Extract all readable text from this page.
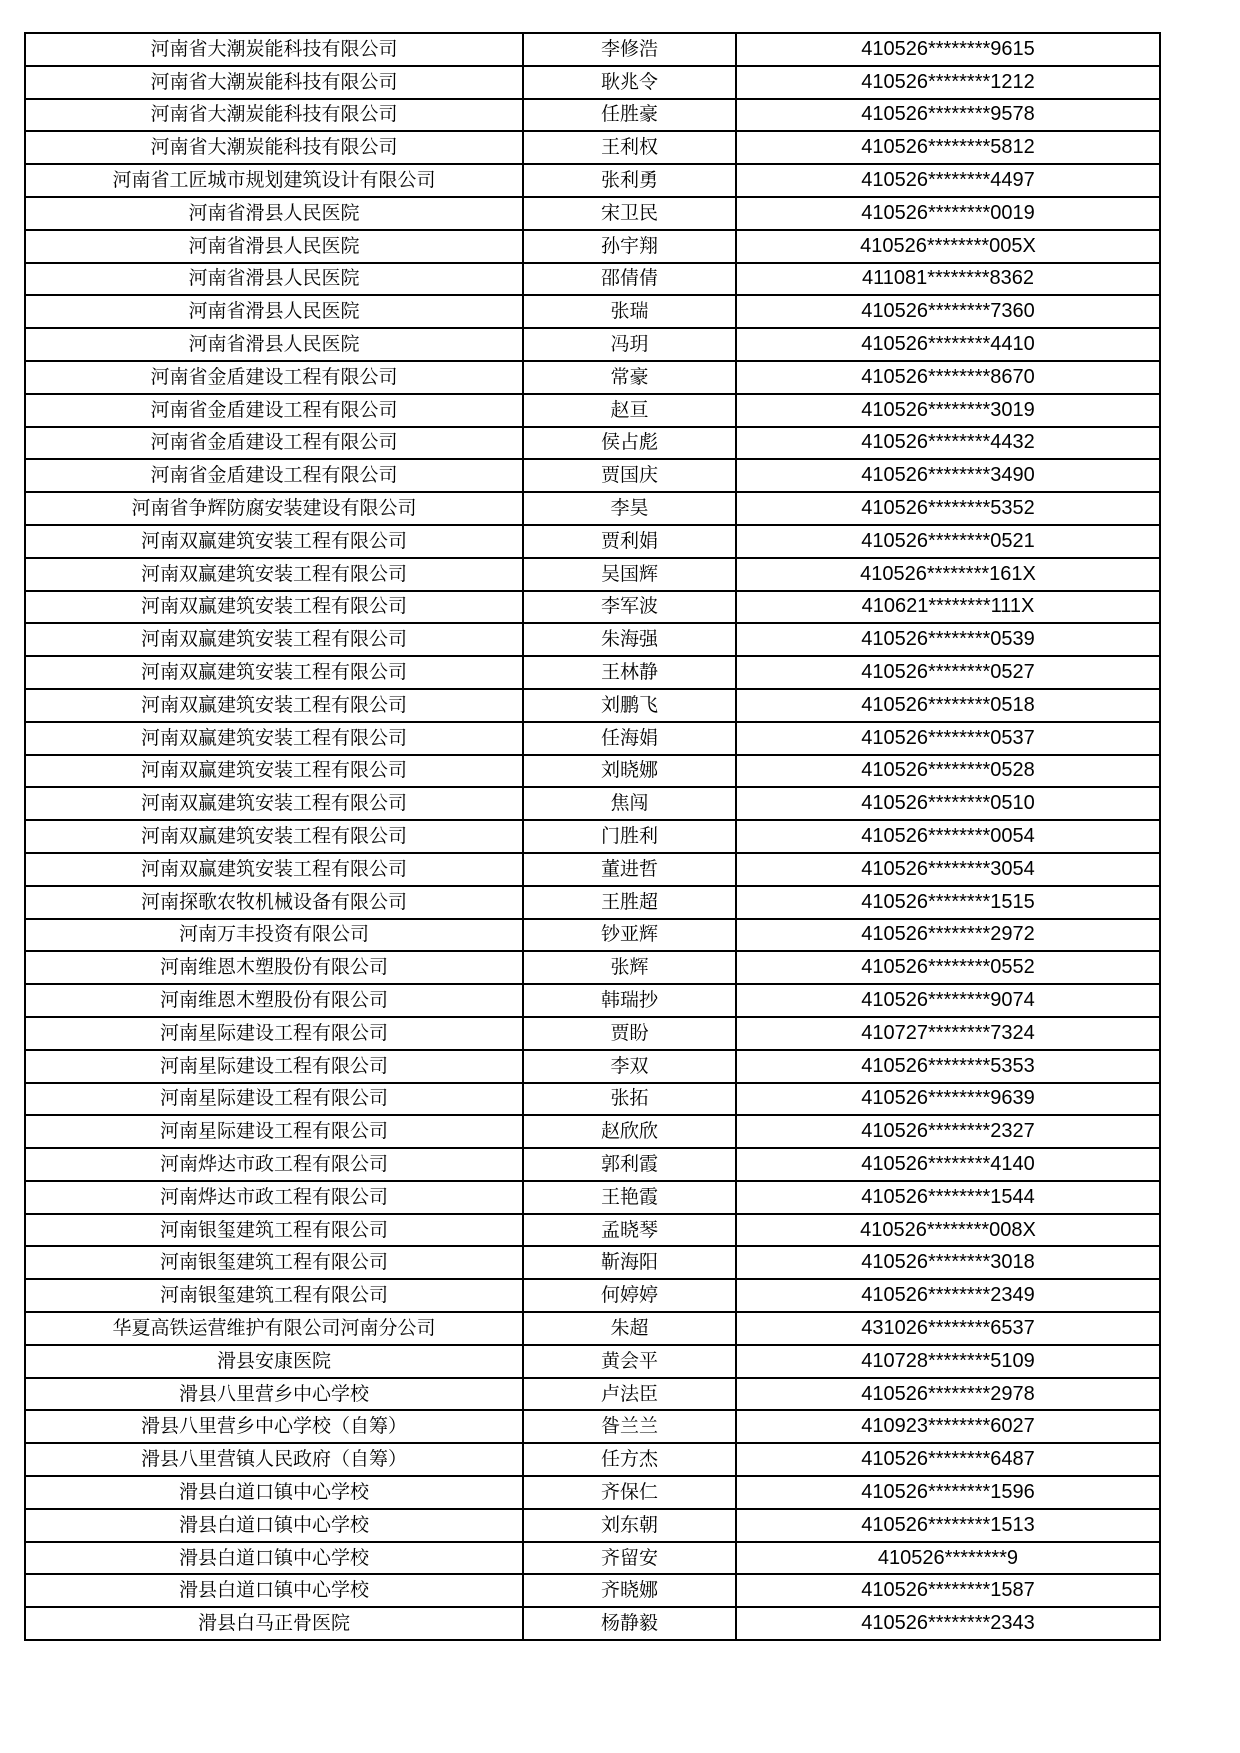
河南省大潮炭能科技有限公司	李修浩	410526********9615
河南省大潮炭能科技有限公司	耿兆令	410526********1212
河南省大潮炭能科技有限公司	任胜豪	410526********9578
河南省大潮炭能科技有限公司	王利权	410526********5812
河南省工匠城市规划建筑设计有限公司	张利勇	410526********4497
河南省滑县人民医院	宋卫民	410526********0019
河南省滑县人民医院	孙宇翔	410526********005X
河南省滑县人民医院	邵倩倩	411081********8362
河南省滑县人民医院	张瑞	410526********7360
河南省滑县人民医院	冯玥	410526********4410
河南省金盾建设工程有限公司	常豪	410526********8670
河南省金盾建设工程有限公司	赵亘	410526********3019
河南省金盾建设工程有限公司	侯占彪	410526********4432
河南省金盾建设工程有限公司	贾国庆	410526********3490
河南省争辉防腐安装建设有限公司	李昊	410526********5352
河南双赢建筑安装工程有限公司	贾利娟	410526********0521
河南双赢建筑安装工程有限公司	吴国辉	410526********161X
河南双赢建筑安装工程有限公司	李军波	410621********111X
河南双赢建筑安装工程有限公司	朱海强	410526********0539
河南双赢建筑安装工程有限公司	王林静	410526********0527
河南双赢建筑安装工程有限公司	刘鹏飞	410526********0518
河南双赢建筑安装工程有限公司	任海娟	410526********0537
河南双赢建筑安装工程有限公司	刘晓娜	410526********0528
河南双赢建筑安装工程有限公司	焦闯	410526********0510
河南双赢建筑安装工程有限公司	门胜利	410526********0054
河南双赢建筑安装工程有限公司	董进哲	410526********3054
河南探歌农牧机械设备有限公司	王胜超	410526********1515
河南万丰投资有限公司	钞亚辉	410526********2972
河南维恩木塑股份有限公司	张辉	410526********0552
河南维恩木塑股份有限公司	韩瑞抄	410526********9074
河南星际建设工程有限公司	贾盼	410727********7324
河南星际建设工程有限公司	李双	410526********5353
河南星际建设工程有限公司	张拓	410526********9639
河南星际建设工程有限公司	赵欣欣	410526********2327
河南烨达市政工程有限公司	郭利霞	410526********4140
河南烨达市政工程有限公司	王艳霞	410526********1544
河南银玺建筑工程有限公司	孟晓琴	410526********008X
河南银玺建筑工程有限公司	靳海阳	410526********3018
河南银玺建筑工程有限公司	何婷婷	410526********2349
华夏高铁运营维护有限公司河南分公司	朱超	431026********6537
滑县安康医院	黄会平	410728********5109
滑县八里营乡中心学校	卢法臣	410526********2978
滑县八里营乡中心学校（自筹）	昝兰兰	410923********6027
滑县八里营镇人民政府（自筹）	任方杰	410526********6487
滑县白道口镇中心学校	齐保仁	410526********1596
滑县白道口镇中心学校	刘东朝	410526********1513
滑县白道口镇中心学校	齐留安	410526********9
滑县白道口镇中心学校	齐晓娜	410526********1587
滑县白马正骨医院	杨静毅	410526********2343
